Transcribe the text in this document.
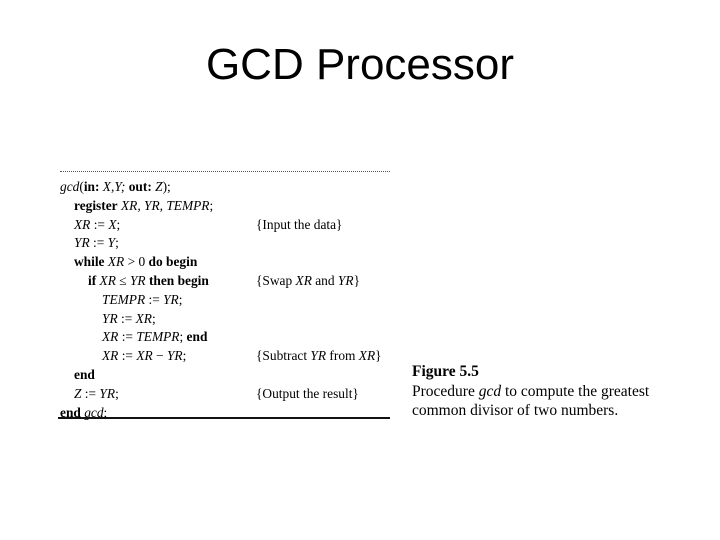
GCD Processor
gcd(in: X,Y; out: Z);
register XR, YR, TEMPR;
XR := X;	{Input the data}
YR := Y;
while XR > 0 do begin
if XR ≤ YR then begin	{Swap XR and YR}
TEMPR := YR;
YR := XR;
XR := TEMPR; end
XR := XR − YR;	{Subtract YR from XR}
end
Z := YR;	{Output the result}
end gcd;
Figure 5.5
Procedure gcd to compute the greatest
common divisor of two numbers.
